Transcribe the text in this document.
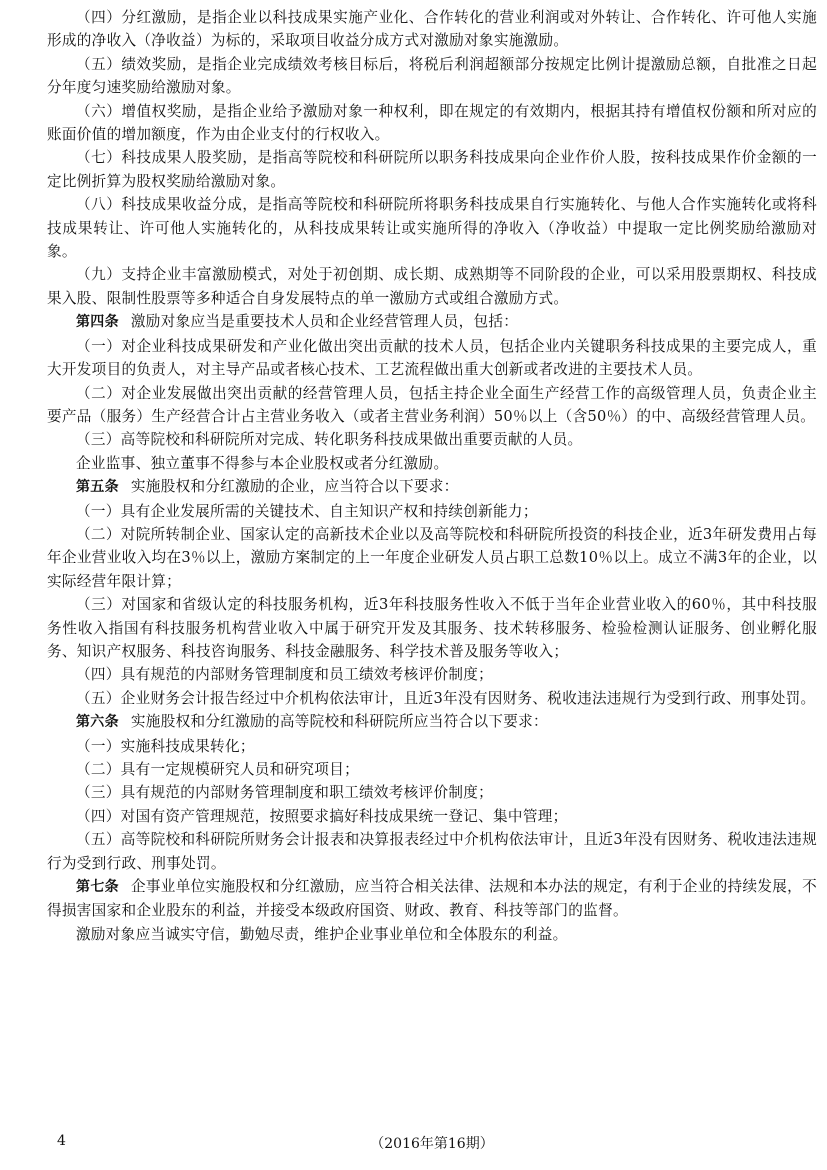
（四）分红激励，是指企业以科技成果实施产业化、合作转化的营业利润或对外转让、合作转化、许可他人实施形成的净收入（净收益）为标的，采取项目收益分成方式对激励对象实施激励。

（五）绩效奖励，是指企业完成绩效考核目标后，将税后利润超额部分按规定比例计提激励总额，自批准之日起分年度匀速奖励给激励对象。

（六）增值权奖励，是指企业给予激励对象一种权利，即在规定的有效期内，根据其持有增值权份额和所对应的账面价值的增加额度，作为由企业支付的行权收入。

（七）科技成果人股奖励，是指高等院校和科研院所以职务科技成果向企业作价人股，按科技成果作价金额的一定比例折算为股权奖励给激励对象。

（八）科技成果收益分成，是指高等院校和科研院所将职务科技成果自行实施转化、与他人合作实施转化或将科技成果转让、许可他人实施转化的，从科技成果转让或实施所得的净收入（净收益）中提取一定比例奖励给激励对象。

（九）支持企业丰富激励模式，对处于初创期、成长期、成熟期等不同阶段的企业，可以采用股票期权、科技成果入股、限制性股票等多种适合自身发展特点的单一激励方式或组合激励方式。

第四条 激励对象应当是重要技术人员和企业经营管理人员，包括：

（一）对企业科技成果研发和产业化做出突出贡献的技术人员，包括企业内关键职务科技成果的主要完成人，重大开发项目的负责人，对主导产品或者核心技术、工艺流程做出重大创新或者改进的主要技术人员。

（二）对企业发展做出突出贡献的经营管理人员，包括主持企业全面生产经营工作的高级管理人员，负责企业主要产品（服务）生产经营合计占主营业务收入（或者主营业务利润）50％以上（含50％）的中、高级经营管理人员。

（三）高等院校和科研院所对完成、转化职务科技成果做出重要贡献的人员。

企业监事、独立董事不得参与本企业股权或者分红激励。

第五条 实施股权和分红激励的企业，应当符合以下要求：

（一）具有企业发展所需的关键技术、自主知识产权和持续创新能力；

（二）对院所转制企业、国家认定的高新技术企业以及高等院校和科研院所投资的科技企业，近3年研发费用占每年企业营业收入均在3％以上，激励方案制定的上一年度企业研发人员占职工总数10％以上。成立不满3年的企业，以实际经营年限计算；

（三）对国家和省级认定的科技服务机构，近3年科技服务性收入不低于当年企业营业收入的60％，其中科技服务性收入指国有科技服务机构营业收入中属于研究开发及其服务、技术转移服务、检验检测认证服务、创业孵化服务、知识产权服务、科技咨询服务、科技金融服务、科学技术普及服务等收入；

（四）具有规范的内部财务管理制度和员工绩效考核评价制度；

（五）企业财务会计报告经过中介机构依法审计，且近3年没有因财务、税收违法违规行为受到行政、刑事处罚。

第六条 实施股权和分红激励的高等院校和科研院所应当符合以下要求：

（一）实施科技成果转化；

（二）具有一定规模研究人员和研究项目；

（三）具有规范的内部财务管理制度和职工绩效考核评价制度；

（四）对国有资产管理规范，按照要求搞好科技成果统一登记、集中管理；

（五）高等院校和科研院所财务会计报表和决算报表经过中介机构依法审计，且近3年没有因财务、税收违法违规行为受到行政、刑事处罚。

第七条 企事业单位实施股权和分红激励，应当符合相关法律、法规和本办法的规定，有利于企业的持续发展，不得损害国家和企业股东的利益，并接受本级政府国资、财政、教育、科技等部门的监督。

激励对象应当诚实守信，勤勉尽责，维护企业事业单位和全体股东的利益。

4	（2016年第16期）
